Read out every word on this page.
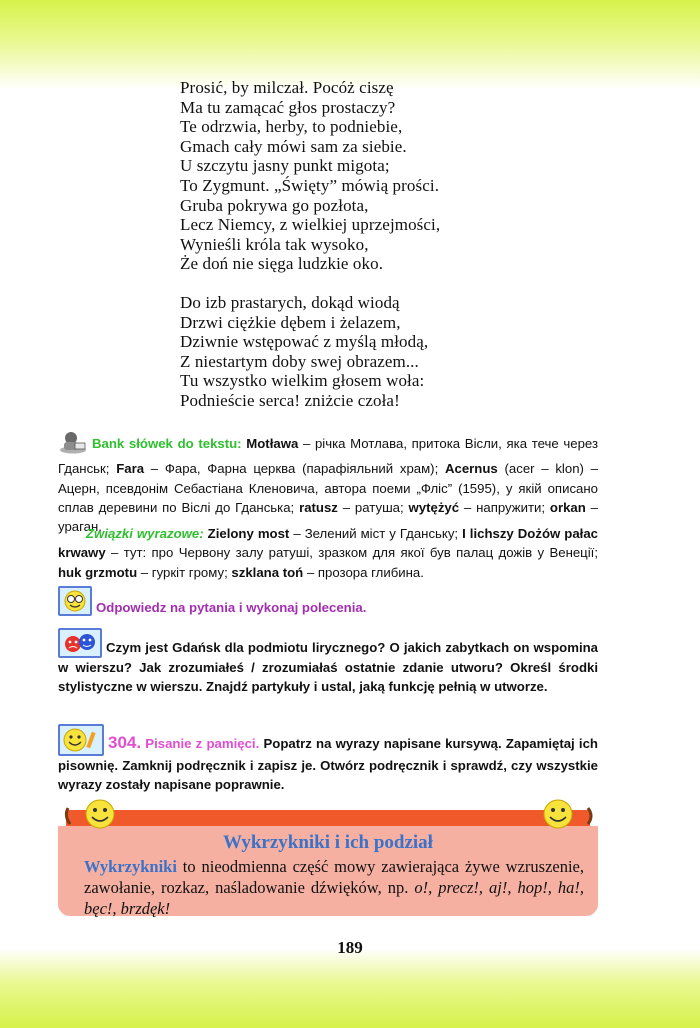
Prosić, by milczał. Pocóż ciszę
Ma tu zamącać głos prostaczy?
Te odrzwia, herby, to podniebie,
Gmach cały mówi sam za siebie.
U szczytu jasny punkt migota;
To Zygmunt. „Święty” mówią prości.
Gruba pokrywa go pozłota,
Lecz Niemcy, z wielkiej uprzejmości,
Wynieśli króla tak wysoko,
Że doń nie sięga ludzkie oko.
Do izb prastarych, dokąd wiodą
Drzwi ciężkie dębem i żelazem,
Dziwnie wstępować z myślą młodą,
Z niestartym doby swej obrazem...
Tu wszystko wielkim głosem woła:
Podnieście serca! zniżcie czoła!
Bank słówek do tekstu: Motława – річка Мотлава, притока Вісли, яка тече через Гданськ; Fara – Фара, Фарна церква (парафіяльний храм); Acernus (acer – klon) – Ацерн, псевдонім Себастіана Кленовича, автора поеми „Фліс” (1595), у якій описано сплав деревини по Віслі до Гданська; ratusz – ратуша; wytężyć – напружити; orkan – ураган.
Związki wyrazowe: Zielony most – Зелений міст у Гданську; I lichszy Dożów pałac krwawy – тут: про Червону залу ратуші, зразком для якої був палац дожів у Венеції; huk grzmotu – гуркіт грому; szklana toń – прозора глибина.
Odpowiedz na pytania i wykonaj polecenia.
Czym jest Gdańsk dla podmiotu lirycznego? O jakich zabytkach on wspomina w wierszu? Jak zrozumiałeś / zrozumiałaś ostatnie zdanie utworu? Określ środki stylistyczne w wierszu. Znajdź partykuły i ustal, jaką funkcję pełnią w utworze.
304. Pisanie z pamięci. Popatrz na wyrazy napisane kursywą. Zapamiętaj ich pisownię. Zamknij podręcznik i zapisz je. Otwórz podręcznik i sprawdź, czy wszystkie wyrazy zostały napisane poprawnie.
Wykrzykniki i ich podział
Wykrzykniki to nieodmienna część mowy zawierająca żywe wzruszenie, zawołanie, rozkaz, naśladowanie dźwięków, np. o!, precz!, aj!, hop!, ha!, bęc!, brzdęk!
189
